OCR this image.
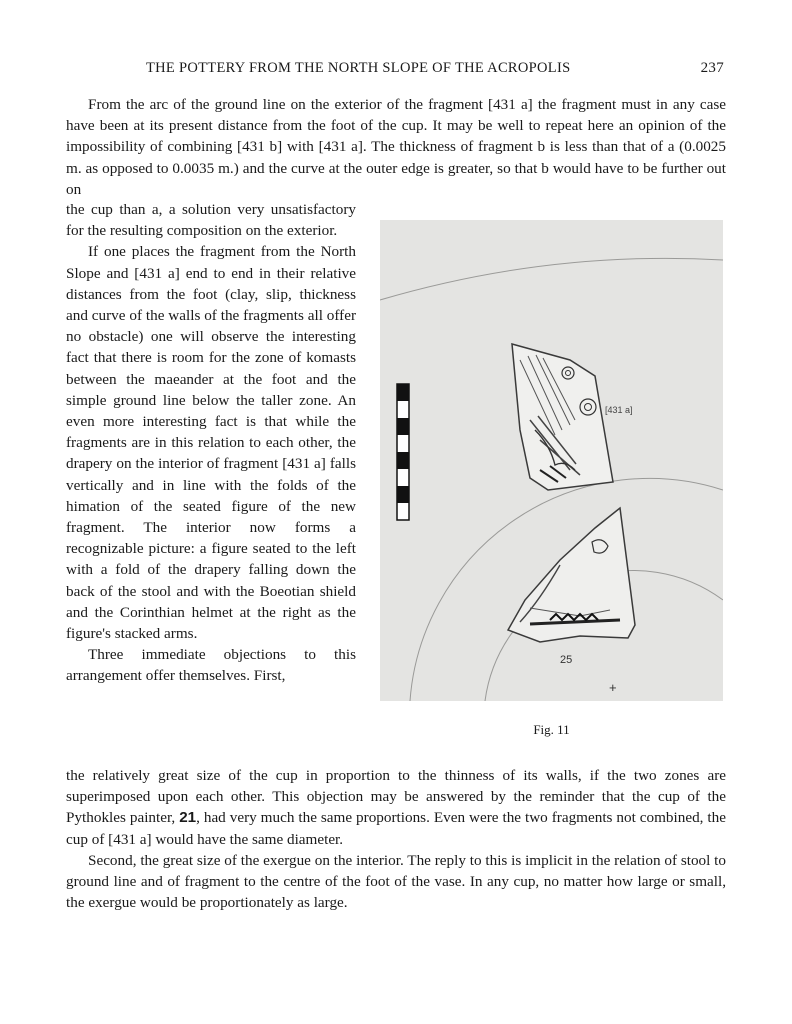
THE POTTERY FROM THE NORTH SLOPE OF THE ACROPOLIS	237

From the arc of the ground line on the exterior of the fragment [431 a] the fragment must in any case have been at its present distance from the foot of the cup. It may be well to repeat here an opinion of the impossibility of combining [431 b] with [431 a]. The thickness of fragment b is less than that of a (0.0025 m. as opposed to 0.0035 m.) and the curve at the outer edge is greater, so that b would have to be further out on

the cup than a, a solution very unsatisfactory for the resulting composition on the exterior.

If one places the fragment from the North Slope and [431 a] end to end in their relative distances from the foot (clay, slip, thickness and curve of the walls of the fragments all offer no obstacle) one will observe the interesting fact that there is room for the zone of komasts between the maeander at the foot and the simple ground line below the taller zone. An even more interesting fact is that while the fragments are in this relation to each other, the drapery on the interior of fragment [431 a] falls vertically and in line with the folds of the himation of the seated figure of the new fragment. The interior now forms a recognizable picture: a figure seated to the left with a fold of the drapery falling down the back of the stool and with the Boeotian shield and the Corinthian helmet at the right as the figure's stacked arms.

Three immediate objections to this arrangement offer themselves. First,

25
+
[431 a]
Fig. 11

the relatively great size of the cup in proportion to the thinness of its walls, if the two zones are superimposed upon each other. This objection may be answered by the reminder that the cup of the Pythokles painter, 21, had very much the same proportions. Even were the two fragments not combined, the cup of [431 a] would have the same diameter.

Second, the great size of the exergue on the interior. The reply to this is implicit in the relation of stool to ground line and of fragment to the centre of the foot of the vase. In any cup, no matter how large or small, the exergue would be proportionately as large.
